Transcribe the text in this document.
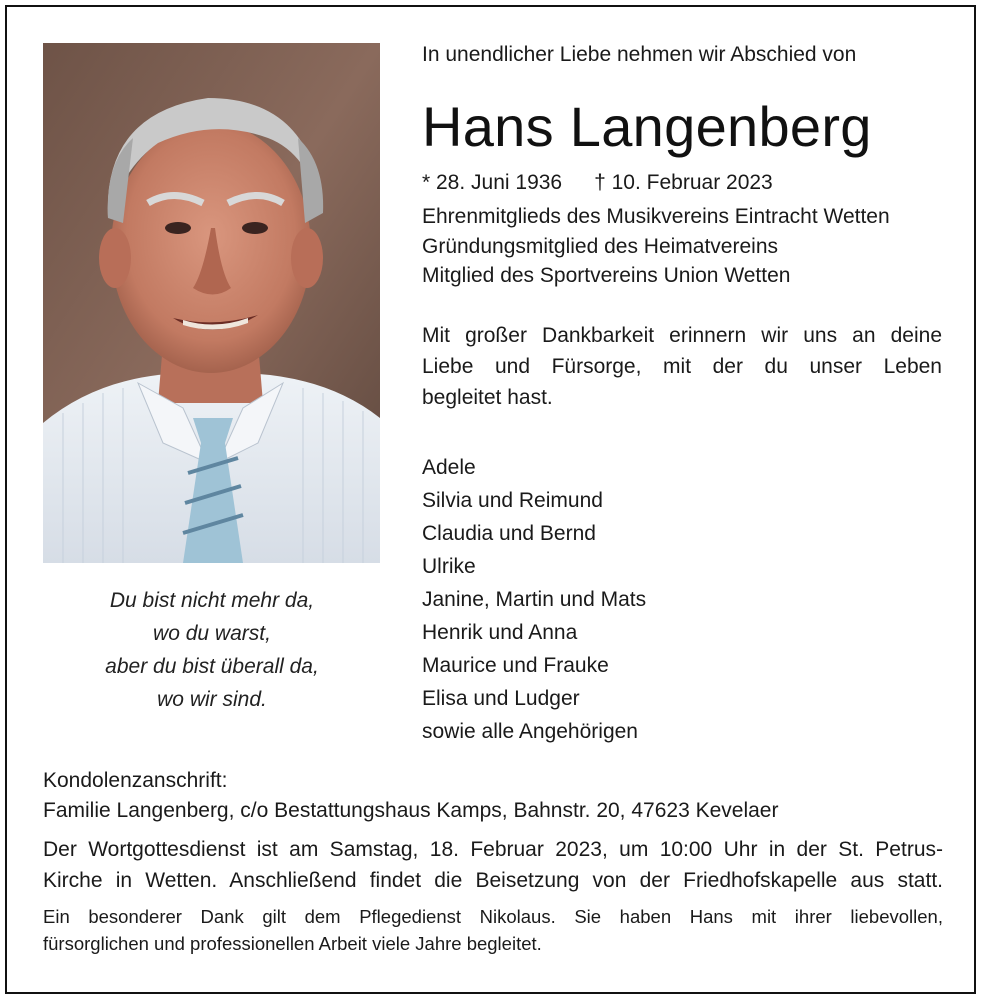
Du bist nicht mehr da,
wo du warst,
aber du bist überall da,
wo wir sind.
In unendlicher Liebe nehmen wir Abschied von
Hans Langenberg
* 28. Juni 1936 † 10. Februar 2023
Ehrenmitglieds des Musikvereins Eintracht Wetten
Gründungsmitglied des Heimatvereins
Mitglied des Sportvereins Union Wetten
Mit großer Dankbarkeit erinnern wir uns an deine
Liebe und Fürsorge, mit der du unser Leben
begleitet hast.
Adele
Silvia und Reimund
Claudia und Bernd
Ulrike
Janine, Martin und Mats
Henrik und Anna
Maurice und Frauke
Elisa und Ludger
sowie alle Angehörigen
Kondolenzanschrift:
Familie Langenberg, c/o Bestattungshaus Kamps, Bahnstr. 20, 47623 Kevelaer
Der Wortgottesdienst ist am Samstag, 18. Februar 2023, um 10:00 Uhr in der St. Petrus-
Kirche in Wetten. Anschließend findet die Beisetzung von der Friedhofskapelle aus statt.
Ein besonderer Dank gilt dem Pflegedienst Nikolaus. Sie haben Hans mit ihrer liebevollen,
fürsorglichen und professionellen Arbeit viele Jahre begleitet.
